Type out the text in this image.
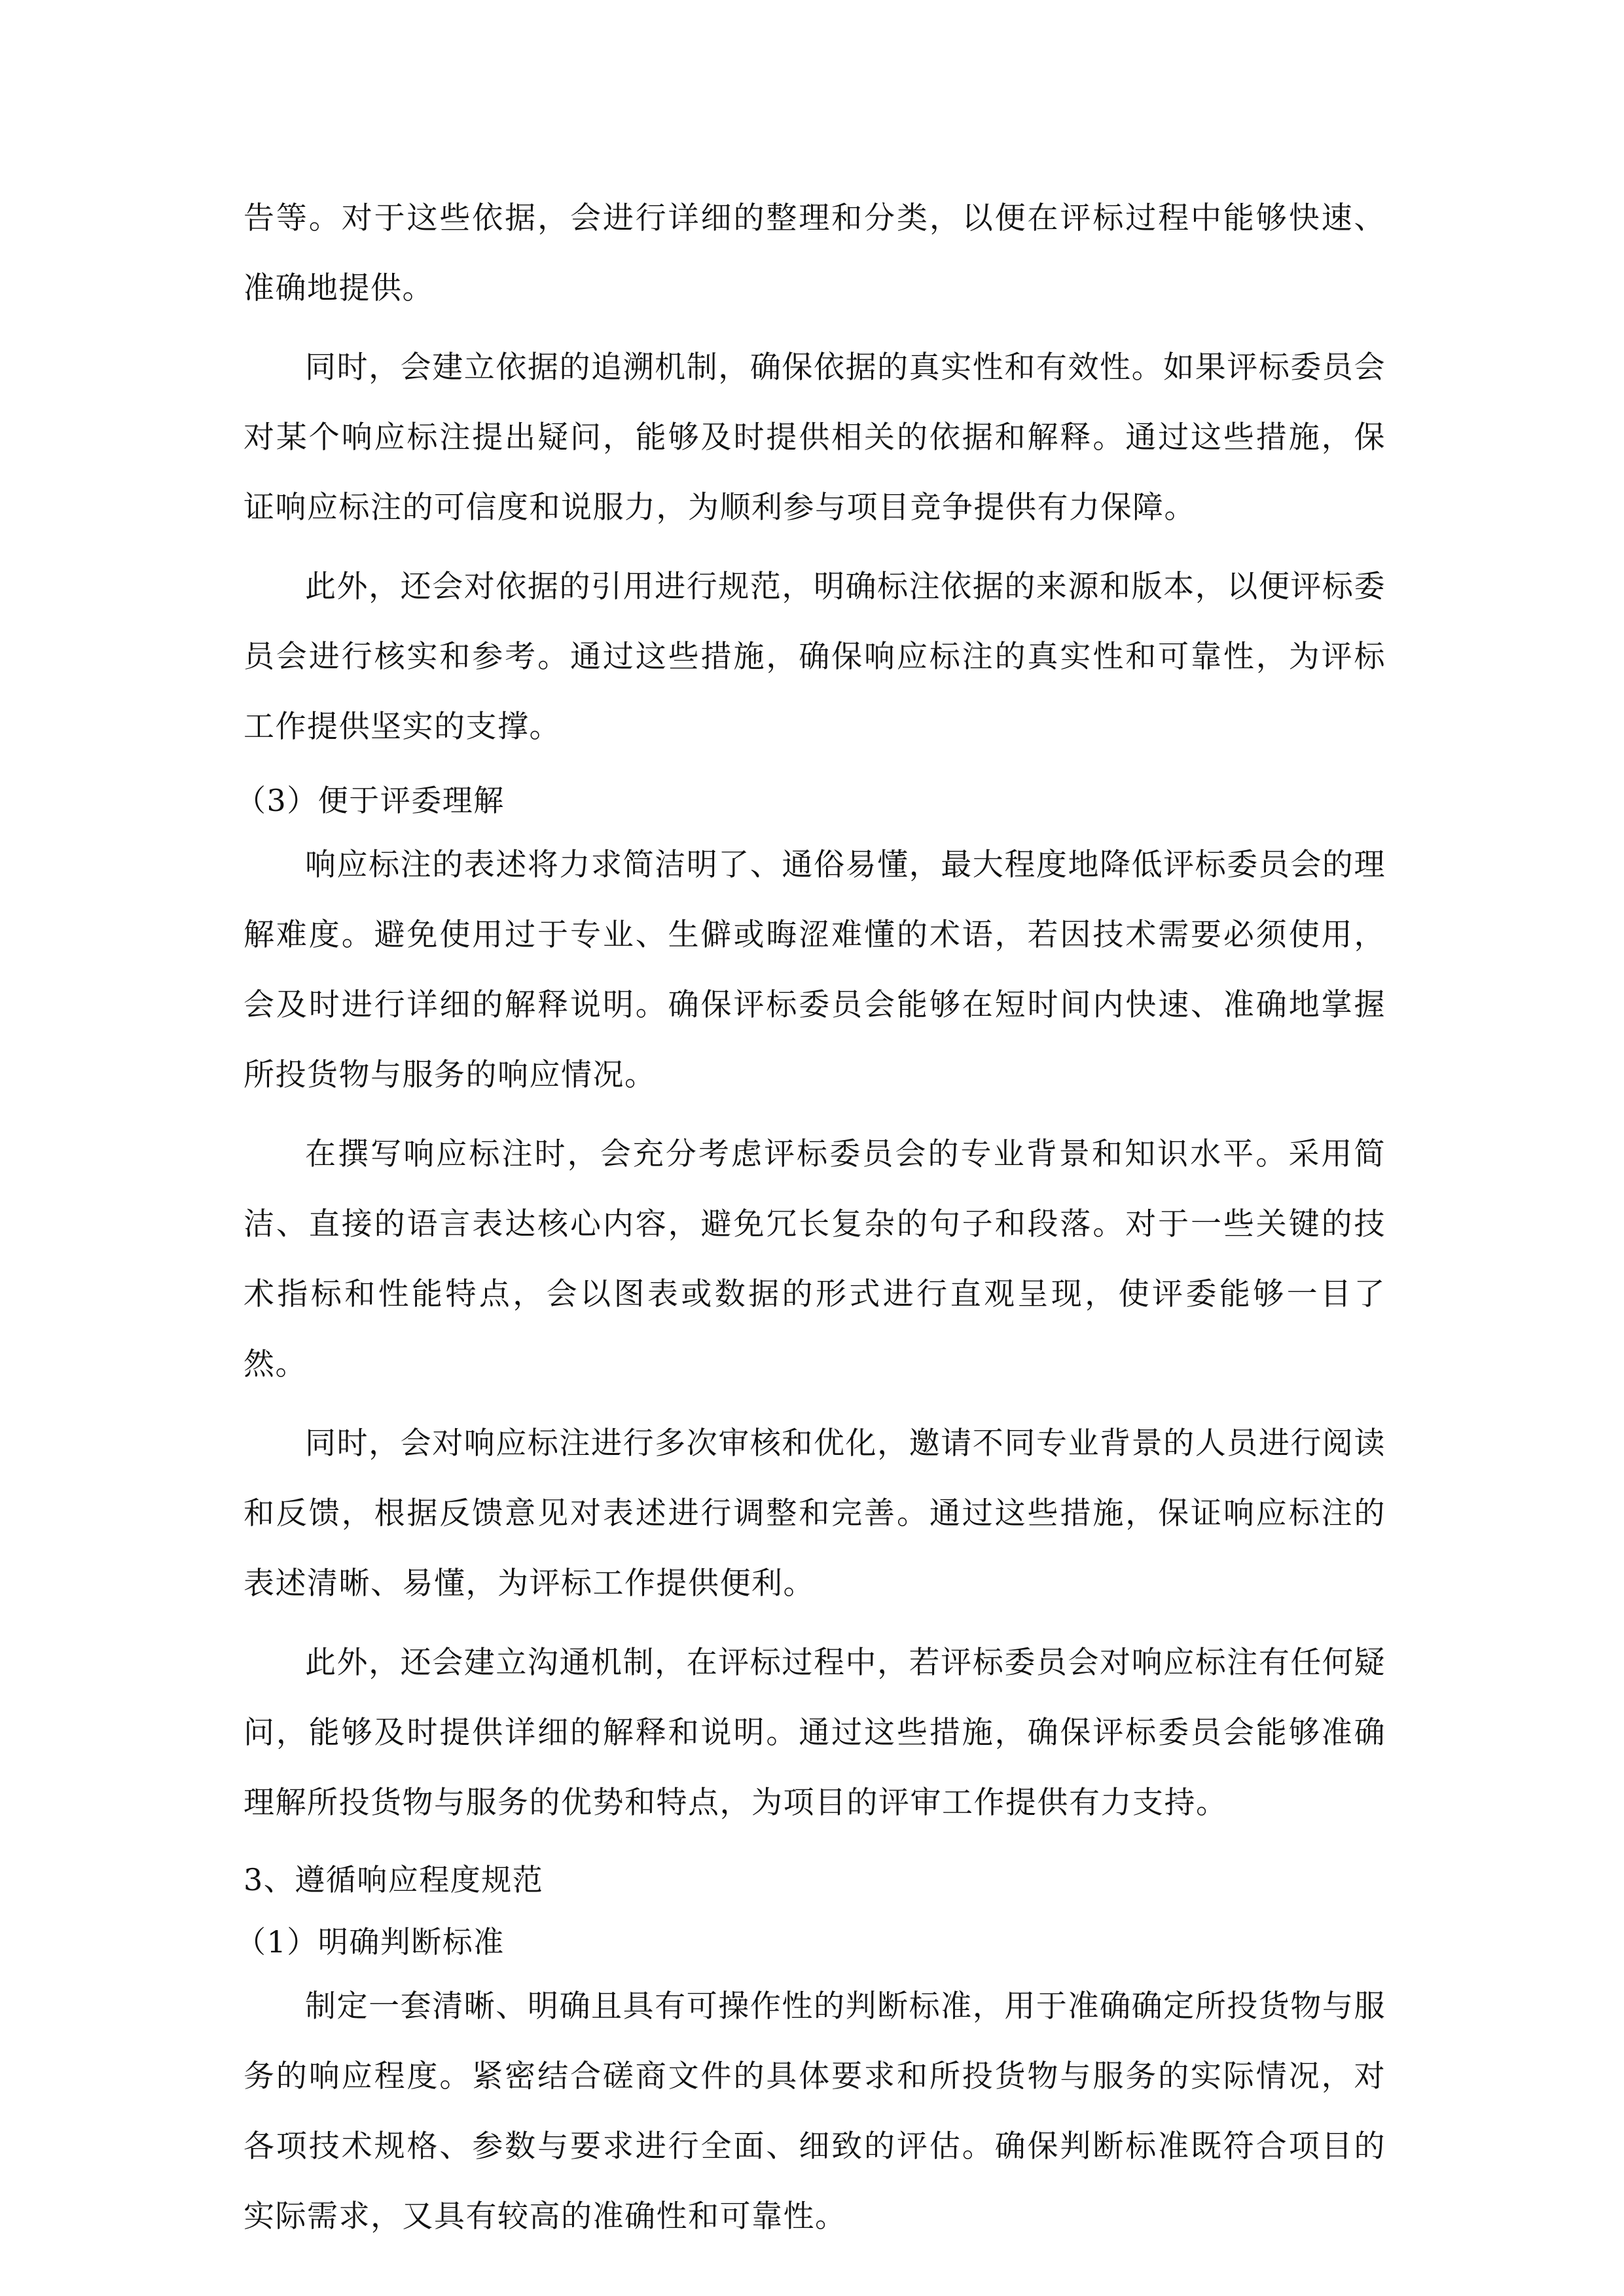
告等。对于这些依据，会进行详细的整理和分类，以便在评标过程中能够快速、准确地提供。

同时，会建立依据的追溯机制，确保依据的真实性和有效性。如果评标委员会对某个响应标注提出疑问，能够及时提供相关的依据和解释。通过这些措施，保证响应标注的可信度和说服力，为顺利参与项目竞争提供有力保障。

此外，还会对依据的引用进行规范，明确标注依据的来源和版本，以便评标委员会进行核实和参考。通过这些措施，确保响应标注的真实性和可靠性，为评标工作提供坚实的支撑。

（3）便于评委理解

响应标注的表述将力求简洁明了、通俗易懂，最大程度地降低评标委员会的理解难度。避免使用过于专业、生僻或晦涩难懂的术语，若因技术需要必须使用，会及时进行详细的解释说明。确保评标委员会能够在短时间内快速、准确地掌握所投货物与服务的响应情况。

在撰写响应标注时，会充分考虑评标委员会的专业背景和知识水平。采用简洁、直接的语言表达核心内容，避免冗长复杂的句子和段落。对于一些关键的技术指标和性能特点，会以图表或数据的形式进行直观呈现，使评委能够一目了然。

同时，会对响应标注进行多次审核和优化，邀请不同专业背景的人员进行阅读和反馈，根据反馈意见对表述进行调整和完善。通过这些措施，保证响应标注的表述清晰、易懂，为评标工作提供便利。

此外，还会建立沟通机制，在评标过程中，若评标委员会对响应标注有任何疑问，能够及时提供详细的解释和说明。通过这些措施，确保评标委员会能够准确理解所投货物与服务的优势和特点，为项目的评审工作提供有力支持。

3、遵循响应程度规范

（1）明确判断标准

制定一套清晰、明确且具有可操作性的判断标准，用于准确确定所投货物与服务的响应程度。紧密结合磋商文件的具体要求和所投货物与服务的实际情况，对各项技术规格、参数与要求进行全面、细致的评估。确保判断标准既符合项目的实际需求，又具有较高的准确性和可靠性。
